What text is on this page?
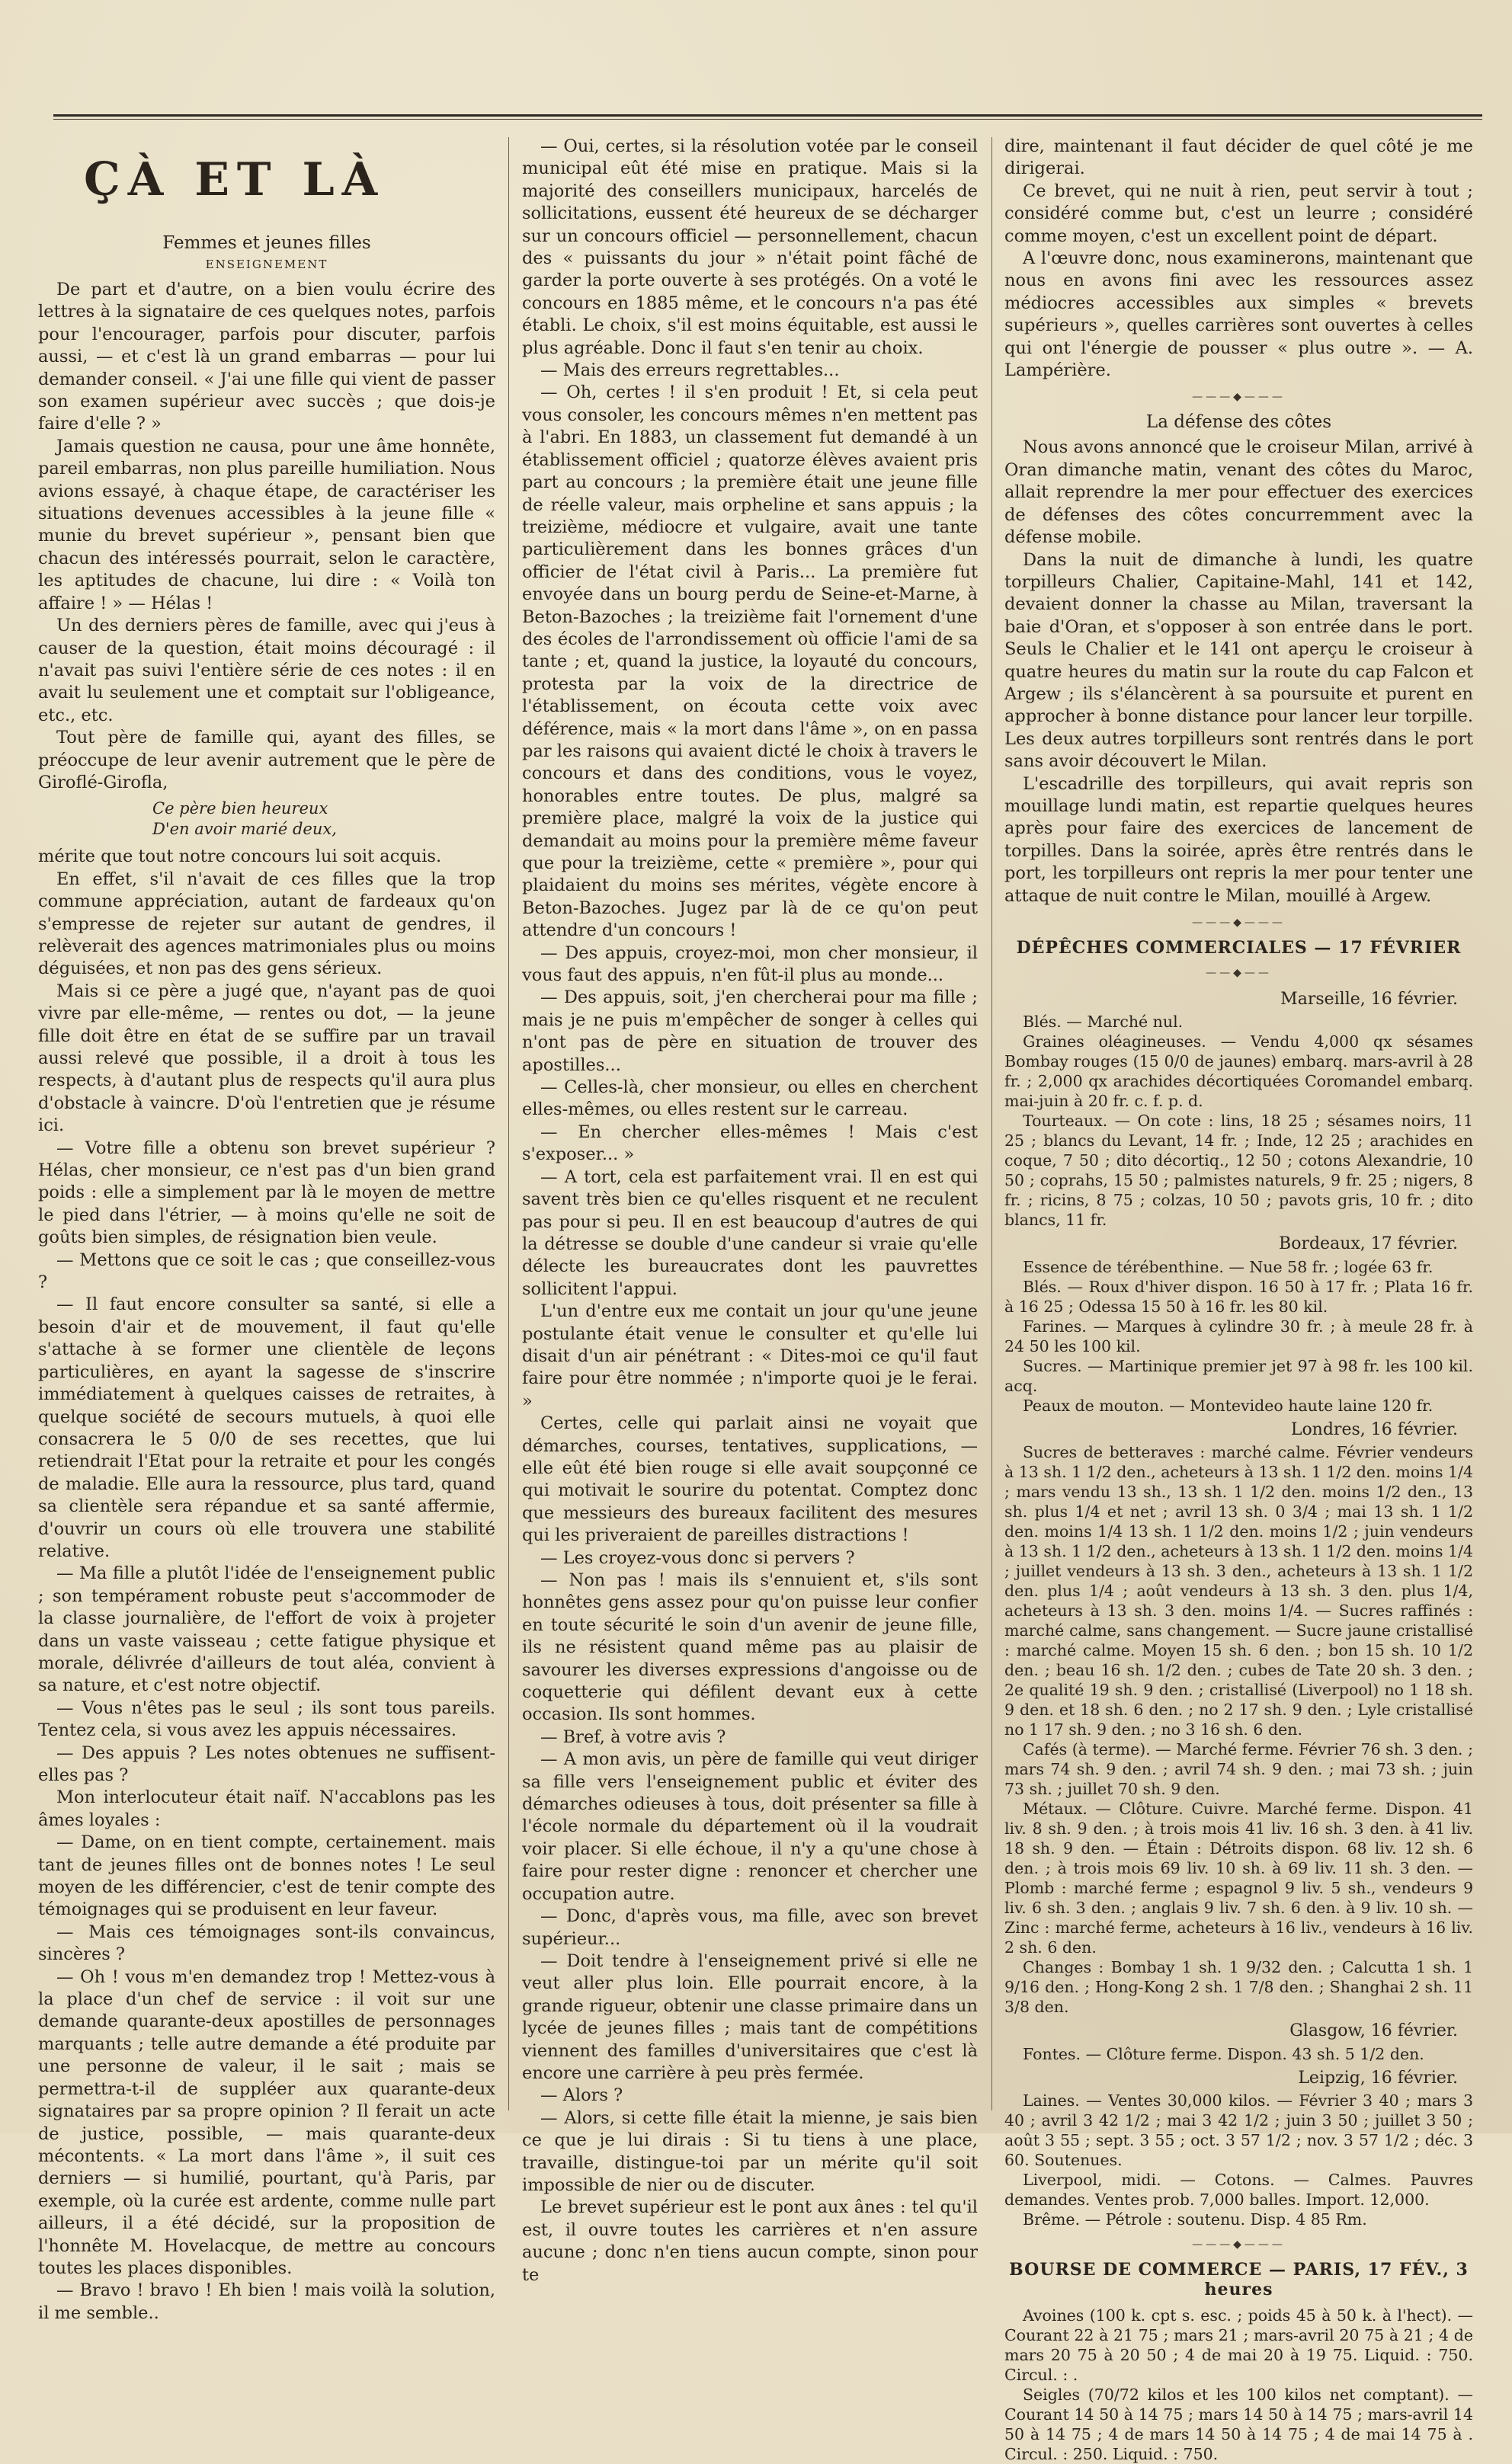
ÇÀ ET LÀ

Femmes et jeunes filles
ENSEIGNEMENT

De part et d'autre, on a bien voulu écrire des lettres à la signataire de ces quelques notes, parfois pour l'encourager, parfois pour discuter, parfois aussi, — et c'est là un grand embarras — pour lui demander conseil. « J'ai une fille qui vient de passer son examen supérieur avec succès ; que dois-je faire d'elle ? »

Jamais question ne causa, pour une âme honnête, pareil embarras, non plus pareille humiliation. Nous avions essayé, à chaque étape, de caractériser les situations devenues accessibles à la jeune fille « munie du brevet supérieur », pensant bien que chacun des intéressés pourrait, selon le caractère, les aptitudes de chacune, lui dire : « Voilà ton affaire ! » — Hélas !

Un des derniers pères de famille, avec qui j'eus à causer de la question, était moins découragé : il n'avait pas suivi l'entière série de ces notes : il en avait lu seulement une et comptait sur l'obligeance, etc., etc.

Tout père de famille qui, ayant des filles, se préoccupe de leur avenir autrement que le père de Giroflé-Girofla,

Ce père bien heureux

D'en avoir marié deux,

mérite que tout notre concours lui soit acquis.

En effet, s'il n'avait de ces filles que la trop commune appréciation, autant de fardeaux qu'on s'empresse de rejeter sur autant de gendres, il relèverait des agences matrimoniales plus ou moins déguisées, et non pas des gens sérieux.

Mais si ce père a jugé que, n'ayant pas de quoi vivre par elle-même, — rentes ou dot, — la jeune fille doit être en état de se suffire par un travail aussi relevé que possible, il a droit à tous les respects, à d'autant plus de respects qu'il aura plus d'obstacle à vaincre. D'où l'entretien que je résume ici.

— Votre fille a obtenu son brevet supérieur ? Hélas, cher monsieur, ce n'est pas d'un bien grand poids : elle a simplement par là le moyen de mettre le pied dans l'étrier, — à moins qu'elle ne soit de goûts bien simples, de résignation bien veule.

— Mettons que ce soit le cas ; que conseillez-vous ?

— Il faut encore consulter sa santé, si elle a besoin d'air et de mouvement, il faut qu'elle s'attache à se former une clientèle de leçons particulières, en ayant la sagesse de s'inscrire immédiatement à quelques caisses de retraites, à quelque société de secours mutuels, à quoi elle consacrera le 5 0/0 de ses recettes, que lui retiendrait l'Etat pour la retraite et pour les congés de maladie. Elle aura la ressource, plus tard, quand sa clientèle sera répandue et sa santé affermie, d'ouvrir un cours où elle trouvera une stabilité relative.

— Ma fille a plutôt l'idée de l'enseignement public ; son tempérament robuste peut s'accommoder de la classe journalière, de l'effort de voix à projeter dans un vaste vaisseau ; cette fatigue physique et morale, délivrée d'ailleurs de tout aléa, convient à sa nature, et c'est notre objectif.

— Vous n'êtes pas le seul ; ils sont tous pareils. Tentez cela, si vous avez les appuis nécessaires.

— Des appuis ? Les notes obtenues ne suffisent-elles pas ?

Mon interlocuteur était naïf. N'accablons pas les âmes loyales :

— Dame, on en tient compte, certainement. mais tant de jeunes filles ont de bonnes notes ! Le seul moyen de les différencier, c'est de tenir compte des témoignages qui se produisent en leur faveur.

— Mais ces témoignages sont-ils convaincus, sincères ?

— Oh ! vous m'en demandez trop ! Mettez-vous à la place d'un chef de service : il voit sur une demande quarante-deux apostilles de personnages marquants ; telle autre demande a été produite par une personne de valeur, il le sait ; mais se permettra-t-il de suppléer aux quarante-deux signataires par sa propre opinion ? Il ferait un acte de justice, possible, — mais quarante-deux mécontents. « La mort dans l'âme », il suit ces derniers — si humilié, pourtant, qu'à Paris, par exemple, où la curée est ardente, comme nulle part ailleurs, il a été décidé, sur la proposition de l'honnête M. Hovelacque, de mettre au concours toutes les places disponibles.

— Bravo ! bravo ! Eh bien ! mais voilà la solution, il me semble..

— Oui, certes, si la résolution votée par le conseil municipal eût été mise en pratique. Mais si la majorité des conseillers municipaux, harcelés de sollicitations, eussent été heureux de se décharger sur un concours officiel — personnellement, chacun des « puissants du jour » n'était point fâché de garder la porte ouverte à ses protégés. On a voté le concours en 1885 même, et le concours n'a pas été établi. Le choix, s'il est moins équitable, est aussi le plus agréable. Donc il faut s'en tenir au choix.

— Mais des erreurs regrettables...

— Oh, certes ! il s'en produit ! Et, si cela peut vous consoler, les concours mêmes n'en mettent pas à l'abri. En 1883, un classement fut demandé à un établissement officiel ; quatorze élèves avaient pris part au concours ; la première était une jeune fille de réelle valeur, mais orpheline et sans appuis ; la treizième, médiocre et vulgaire, avait une tante particulièrement dans les bonnes grâces d'un officier de l'état civil à Paris... La première fut envoyée dans un bourg perdu de Seine-et-Marne, à Beton-Bazoches ; la treizième fait l'ornement d'une des écoles de l'arrondissement où officie l'ami de sa tante ; et, quand la justice, la loyauté du concours, protesta par la voix de la directrice de l'établissement, on écouta cette voix avec déférence, mais « la mort dans l'âme », on en passa par les raisons qui avaient dicté le choix à travers le concours et dans des conditions, vous le voyez, honorables entre toutes. De plus, malgré sa première place, malgré la voix de la justice qui demandait au moins pour la première même faveur que pour la treizième, cette « première », pour qui plaidaient du moins ses mérites, végète encore à Beton-Bazoches. Jugez par là de ce qu'on peut attendre d'un concours !

— Des appuis, croyez-moi, mon cher monsieur, il vous faut des appuis, n'en fût-il plus au monde...

— Des appuis, soit, j'en chercherai pour ma fille ; mais je ne puis m'empêcher de songer à celles qui n'ont pas de père en situation de trouver des apostilles...

— Celles-là, cher monsieur, ou elles en cherchent elles-mêmes, ou elles restent sur le carreau.

— En chercher elles-mêmes ! Mais c'est s'exposer... »

— A tort, cela est parfaitement vrai. Il en est qui savent très bien ce qu'elles risquent et ne reculent pas pour si peu. Il en est beaucoup d'autres de qui la détresse se double d'une candeur si vraie qu'elle délecte les bureaucrates dont les pauvrettes sollicitent l'appui.

L'un d'entre eux me contait un jour qu'une jeune postulante était venue le consulter et qu'elle lui disait d'un air pénétrant : « Dites-moi ce qu'il faut faire pour être nommée ; n'importe quoi je le ferai. »

Certes, celle qui parlait ainsi ne voyait que démarches, courses, tentatives, supplications, — elle eût été bien rouge si elle avait soupçonné ce qui motivait le sourire du potentat. Comptez donc que messieurs des bureaux facilitent des mesures qui les priveraient de pareilles distractions !

— Les croyez-vous donc si pervers ?

— Non pas ! mais ils s'ennuient et, s'ils sont honnêtes gens assez pour qu'on puisse leur confier en toute sécurité le soin d'un avenir de jeune fille, ils ne résistent quand même pas au plaisir de savourer les diverses expressions d'angoisse ou de coquetterie qui défilent devant eux à cette occasion. Ils sont hommes.

— Bref, à votre avis ?

— A mon avis, un père de famille qui veut diriger sa fille vers l'enseignement public et éviter des démarches odieuses à tous, doit présenter sa fille à l'école normale du département où il la voudrait voir placer. Si elle échoue, il n'y a qu'une chose à faire pour rester digne : renoncer et chercher une occupation autre.

— Donc, d'après vous, ma fille, avec son brevet supérieur...

— Doit tendre à l'enseignement privé si elle ne veut aller plus loin. Elle pourrait encore, à la grande rigueur, obtenir une classe primaire dans un lycée de jeunes filles ; mais tant de compétitions viennent des familles d'universitaires que c'est là encore une carrière à peu près fermée.

— Alors ?

— Alors, si cette fille était la mienne, je sais bien ce que je lui dirais : Si tu tiens à une place, travaille, distingue-toi par un mérite qu'il soit impossible de nier ou de discuter.

Le brevet supérieur est le pont aux ânes : tel qu'il est, il ouvre toutes les carrières et n'en assure aucune ; donc n'en tiens aucun compte, sinon pour te

dire, maintenant il faut décider de quel côté je me dirigerai.

Ce brevet, qui ne nuit à rien, peut servir à tout ; considéré comme but, c'est un leurre ; considéré comme moyen, c'est un excellent point de départ.

A l'œuvre donc, nous examinerons, maintenant que nous en avons fini avec les ressources assez médiocres accessibles aux simples « brevets supérieurs », quelles carrières sont ouvertes à celles qui ont l'énergie de pousser « plus outre ». — A. Lampérière.

———◆———
La défense des côtes

Nous avons annoncé que le croiseur Milan, arrivé à Oran dimanche matin, venant des côtes du Maroc, allait reprendre la mer pour effectuer des exercices de défenses des côtes concurremment avec la défense mobile.

Dans la nuit de dimanche à lundi, les quatre torpilleurs Chalier, Capitaine-Mahl, 141 et 142, devaient donner la chasse au Milan, traversant la baie d'Oran, et s'opposer à son entrée dans le port. Seuls le Chalier et le 141 ont aperçu le croiseur à quatre heures du matin sur la route du cap Falcon et Argew ; ils s'élancèrent à sa poursuite et purent en approcher à bonne distance pour lancer leur torpille. Les deux autres torpilleurs sont rentrés dans le port sans avoir découvert le Milan.

L'escadrille des torpilleurs, qui avait repris son mouillage lundi matin, est repartie quelques heures après pour faire des exercices de lancement de torpilles. Dans la soirée, après être rentrés dans le port, les torpilleurs ont repris la mer pour tenter une attaque de nuit contre le Milan, mouillé à Argew.

———◆———
DÉPÊCHES COMMERCIALES — 17 FÉVRIER
——◆——

Marseille, 16 février.

Blés. — Marché nul.

Graines oléagineuses. — Vendu 4,000 qx sésames Bombay rouges (15 0/0 de jaunes) embarq. mars-avril à 28 fr. ; 2,000 qx arachides décortiquées Coromandel embarq. mai-juin à 20 fr. c. f. p. d.

Tourteaux. — On cote : lins, 18 25 ; sésames noirs, 11 25 ; blancs du Levant, 14 fr. ; Inde, 12 25 ; arachides en coque, 7 50 ; dito décortiq., 12 50 ; cotons Alexandrie, 10 50 ; coprahs, 15 50 ; palmistes naturels, 9 fr. 25 ; nigers, 8 fr. ; ricins, 8 75 ; colzas, 10 50 ; pavots gris, 10 fr. ; dito blancs, 11 fr.

Bordeaux, 17 février.

Essence de térébenthine. — Nue 58 fr. ; logée 63 fr.

Blés. — Roux d'hiver dispon. 16 50 à 17 fr. ; Plata 16 fr. à 16 25 ; Odessa 15 50 à 16 fr. les 80 kil.

Farines. — Marques à cylindre 30 fr. ; à meule 28 fr. à 24 50 les 100 kil.

Sucres. — Martinique premier jet 97 à 98 fr. les 100 kil. acq.

Peaux de mouton. — Montevideo haute laine 120 fr.

Londres, 16 février.

Sucres de betteraves : marché calme. Février vendeurs à 13 sh. 1 1/2 den., acheteurs à 13 sh. 1 1/2 den. moins 1/4 ; mars vendu 13 sh., 13 sh. 1 1/2 den. moins 1/2 den., 13 sh. plus 1/4 et net ; avril 13 sh. 0 3/4 ; mai 13 sh. 1 1/2 den. moins 1/4 13 sh. 1 1/2 den. moins 1/2 ; juin vendeurs à 13 sh. 1 1/2 den., acheteurs à 13 sh. 1 1/2 den. moins 1/4 ; juillet vendeurs à 13 sh. 3 den., acheteurs à 13 sh. 1 1/2 den. plus 1/4 ; août vendeurs à 13 sh. 3 den. plus 1/4, acheteurs à 13 sh. 3 den. moins 1/4. — Sucres raffinés : marché calme, sans changement. — Sucre jaune cristallisé : marché calme. Moyen 15 sh. 6 den. ; bon 15 sh. 10 1/2 den. ; beau 16 sh. 1/2 den. ; cubes de Tate 20 sh. 3 den. ; 2e qualité 19 sh. 9 den. ; cristallisé (Liverpool) no 1 18 sh. 9 den. et 18 sh. 6 den. ; no 2 17 sh. 9 den. ; Lyle cristallisé no 1 17 sh. 9 den. ; no 3 16 sh. 6 den.

Cafés (à terme). — Marché ferme. Février 76 sh. 3 den. ; mars 74 sh. 9 den. ; avril 74 sh. 9 den. ; mai 73 sh. ; juin 73 sh. ; juillet 70 sh. 9 den.

Métaux. — Clôture. Cuivre. Marché ferme. Dispon. 41 liv. 8 sh. 9 den. ; à trois mois 41 liv. 16 sh. 3 den. à 41 liv. 18 sh. 9 den. — Étain : Détroits dispon. 68 liv. 12 sh. 6 den. ; à trois mois 69 liv. 10 sh. à 69 liv. 11 sh. 3 den. — Plomb : marché ferme ; espagnol 9 liv. 5 sh., vendeurs 9 liv. 6 sh. 3 den. ; anglais 9 liv. 7 sh. 6 den. à 9 liv. 10 sh. — Zinc : marché ferme, acheteurs à 16 liv., vendeurs à 16 liv. 2 sh. 6 den.

Changes : Bombay 1 sh. 1 9/32 den. ; Calcutta 1 sh. 1 9/16 den. ; Hong-Kong 2 sh. 1 7/8 den. ; Shanghai 2 sh. 11 3/8 den.

Glasgow, 16 février.

Fontes. — Clôture ferme. Dispon. 43 sh. 5 1/2 den.

Leipzig, 16 février.

Laines. — Ventes 30,000 kilos. — Février 3 40 ; mars 3 40 ; avril 3 42 1/2 ; mai 3 42 1/2 ; juin 3 50 ; juillet 3 50 ; août 3 55 ; sept. 3 55 ; oct. 3 57 1/2 ; nov. 3 57 1/2 ; déc. 3 60. Soutenues.

Liverpool, midi. — Cotons. — Calmes. Pauvres demandes. Ventes prob. 7,000 balles. Import. 12,000.

Brême. — Pétrole : soutenu. Disp. 4 85 Rm.

———◆———
BOURSE DE COMMERCE — PARIS, 17 FÉV., 3 heures

Avoines (100 k. cpt s. esc. ; poids 45 à 50 k. à l'hect). — Courant 22 à 21 75 ; mars 21 ; mars-avril 20 75 à 21 ; 4 de mars 20 75 à 20 50 ; 4 de mai 20 à 19 75. Liquid. : 750. Circul. : .

Seigles (70/72 kilos et les 100 kilos net comptant). — Courant 14 50 à 14 75 ; mars 14 50 à 14 75 ; mars-avril 14 50 à 14 75 ; 4 de mars 14 50 à 14 75 ; 4 de mai 14 75 à . Circul. : 250. Liquid. : 750.
